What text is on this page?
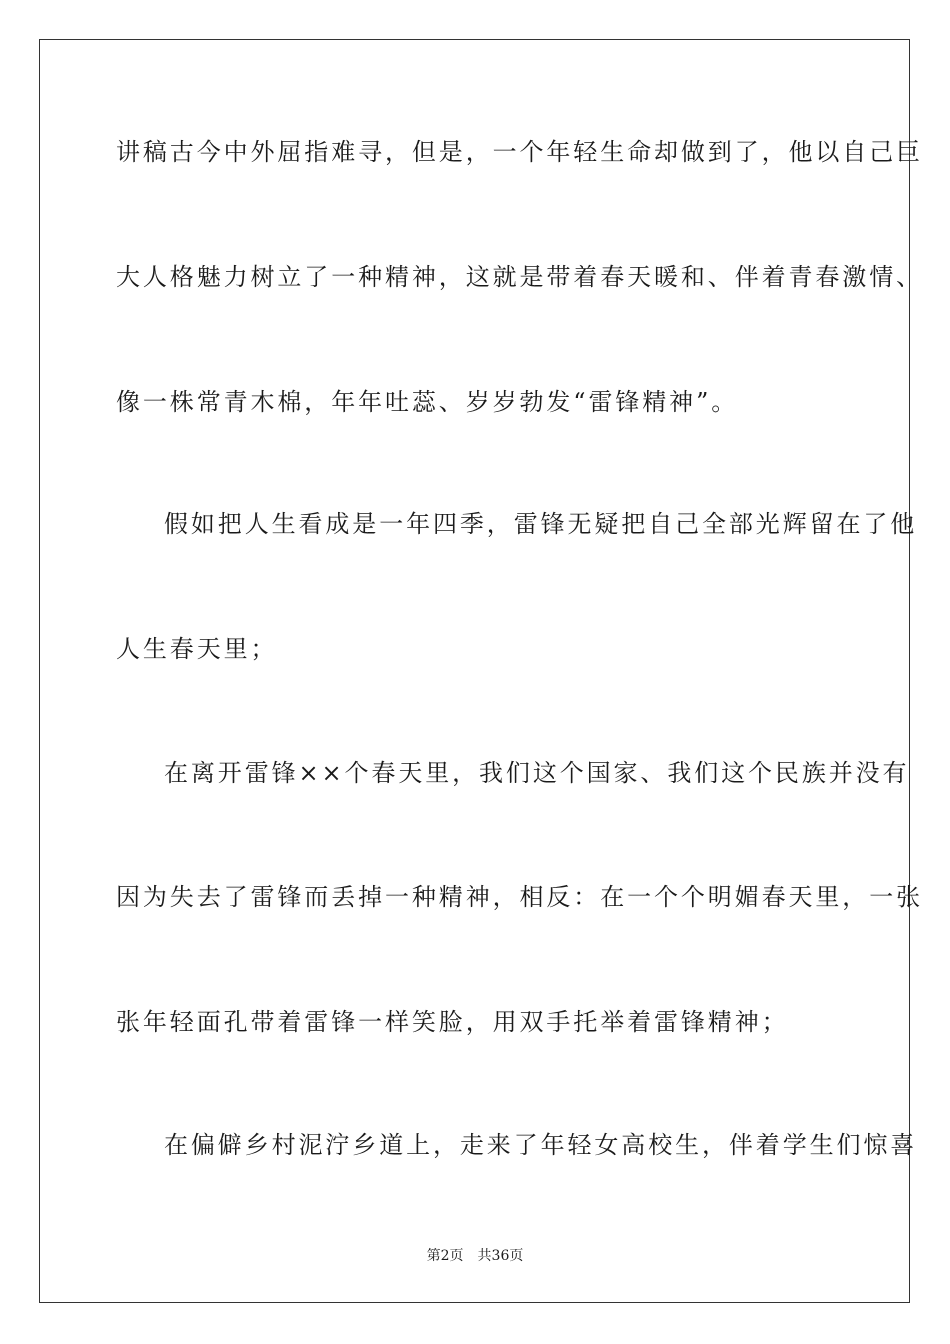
讲稿古今中外屈指难寻，但是，一个年轻生命却做到了，他以自己巨
大人格魅力树立了一种精神，这就是带着春天暖和、伴着青春激情、
像一株常青木棉，年年吐蕊、岁岁勃发“雷锋精神”。
假如把人生看成是一年四季，雷锋无疑把自己全部光辉留在了他
人生春天里；
在离开雷锋××个春天里，我们这个国家、我们这个民族并没有
因为失去了雷锋而丢掉一种精神，相反：在一个个明媚春天里，一张
张年轻面孔带着雷锋一样笑脸，用双手托举着雷锋精神；
在偏僻乡村泥泞乡道上，走来了年轻女高校生，伴着学生们惊喜
第2页 共36页
